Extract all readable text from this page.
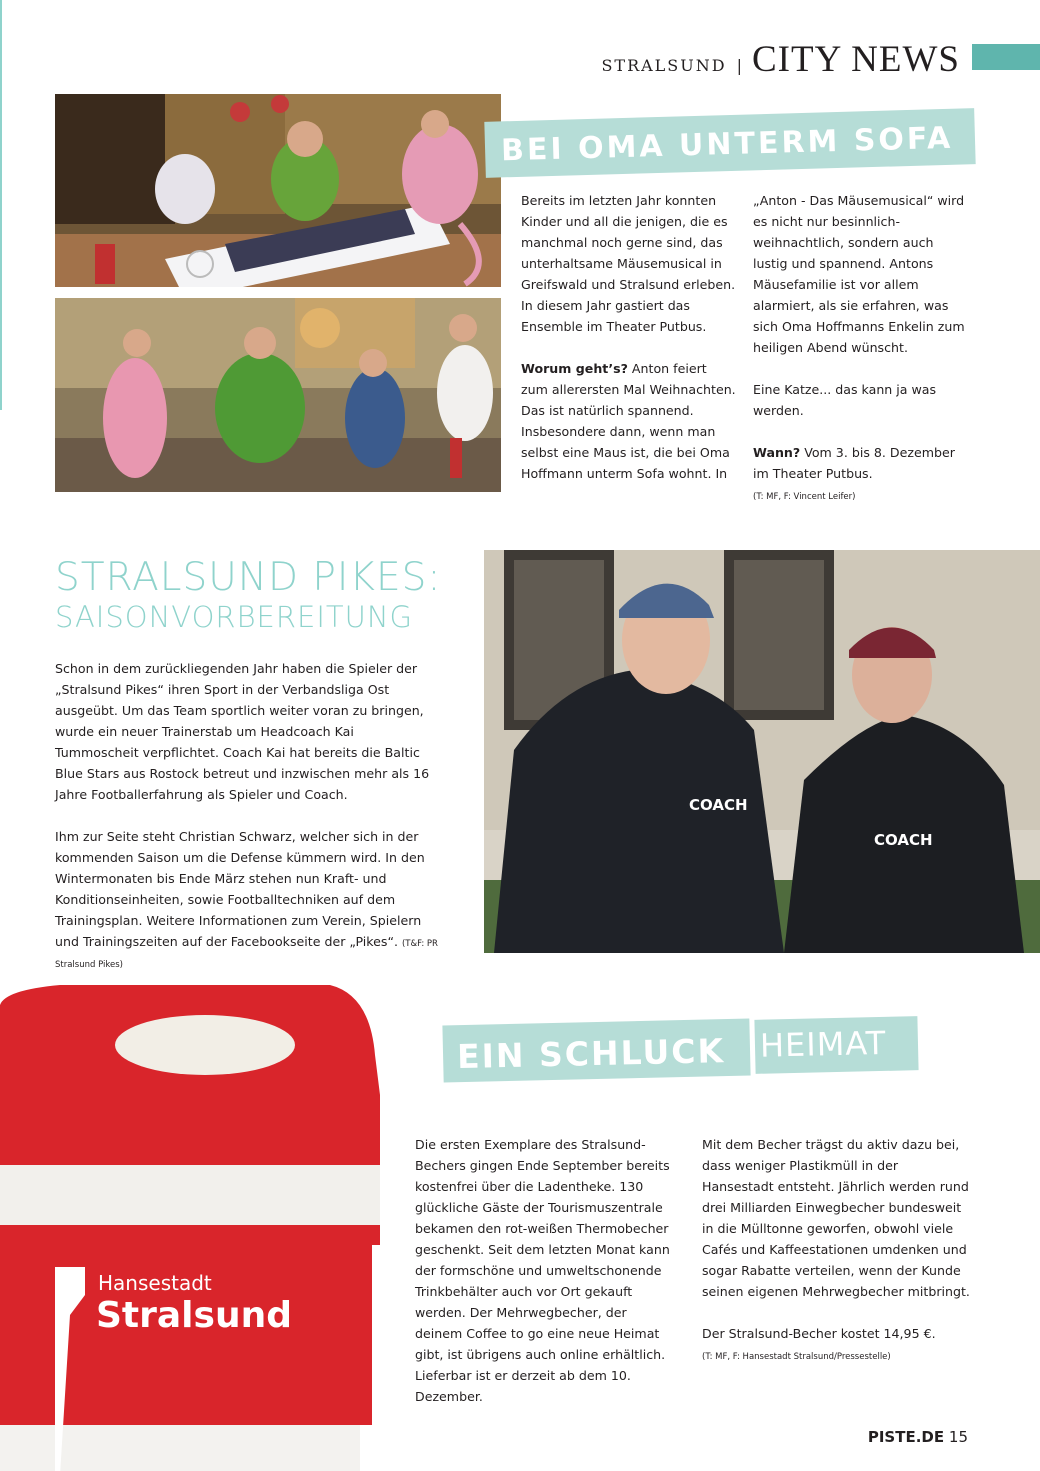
STRALSUND | CITY NEWS
BEI OMA UNTERM SOFA

Bereits im letzten Jahr konnten Kinder und all die jenigen, die es manchmal noch gerne sind, das unterhaltsame Mäusemusical in Greifswald und Stralsund erleben. In diesem Jahr gastiert das Ensemble im Theater Putbus.

Worum geht’s? Anton feiert zum allerersten Mal Weihnachten. Das ist natürlich spannend. Insbesondere dann, wenn man selbst eine Maus ist, die bei Oma Hoffmann unterm Sofa wohnt. In

„Anton - Das Mäusemusical“ wird es nicht nur besinnlich-weihnachtlich, sondern auch lustig und spannend. Antons Mäusefamilie ist vor allem alarmiert, als sie erfahren, was sich Oma Hoffmanns Enkelin zum heiligen Abend wünscht.

Eine Katze... das kann ja was werden.

Wann? Vom 3. bis 8. Dezember im Theater Putbus.
(T: MF, F: Vincent Leifer)

STRALSUND PIKES:
SAISONVORBEREITUNG

Schon in dem zurückliegenden Jahr haben die Spieler der „Stralsund Pikes“ ihren Sport in der Verbandsliga Ost ausgeübt. Um das Team sportlich weiter voran zu bringen, wurde ein neuer Trainerstab um Headcoach Kai Tummoscheit verpflichtet. Coach Kai hat bereits die Baltic Blue Stars aus Rostock betreut und inzwischen mehr als 16 Jahre Footballerfahrung als Spieler und Coach.

Ihm zur Seite steht Christian Schwarz, welcher sich in der kommenden Saison um die Defense kümmern wird. In den Wintermonaten bis Ende März stehen nun Kraft- und Konditionseinheiten, sowie Footballtechniken auf dem Trainingsplan. Weitere Informationen zum Verein, Spielern und Trainingszeiten auf der Facebookseite der „Pikes“. (T&F: PR Stralsund Pikes)

COACH
COACH
Hansestadt
Stralsund
EIN SCHLUCK	HEIMAT

Die ersten Exemplare des Stralsund-Bechers gingen Ende September bereits kostenfrei über die Ladentheke. 130 glückliche Gäste der Tourismuszentrale bekamen den rot-weißen Thermobecher geschenkt. Seit dem letzten Monat kann der formschöne und umweltschonende Trinkbehälter auch vor Ort gekauft werden. Der Mehrwegbecher, der deinem Coffee to go eine neue Heimat gibt, ist übrigens auch online erhältlich. Lieferbar ist er derzeit ab dem 10. Dezember.

Mit dem Becher trägst du aktiv dazu bei, dass weniger Plastikmüll in der Hansestadt entsteht. Jährlich werden rund drei Milliarden Einwegbecher bundesweit in die Mülltonne geworfen, obwohl viele Cafés und Kaffeestationen umdenken und sogar Rabatte verteilen, wenn der Kunde seinen eigenen Mehrwegbecher mitbringt.

Der Stralsund-Becher kostet 14,95 €.
(T: MF, F: Hansestadt Stralsund/Pressestelle)

PISTE.DE 15
